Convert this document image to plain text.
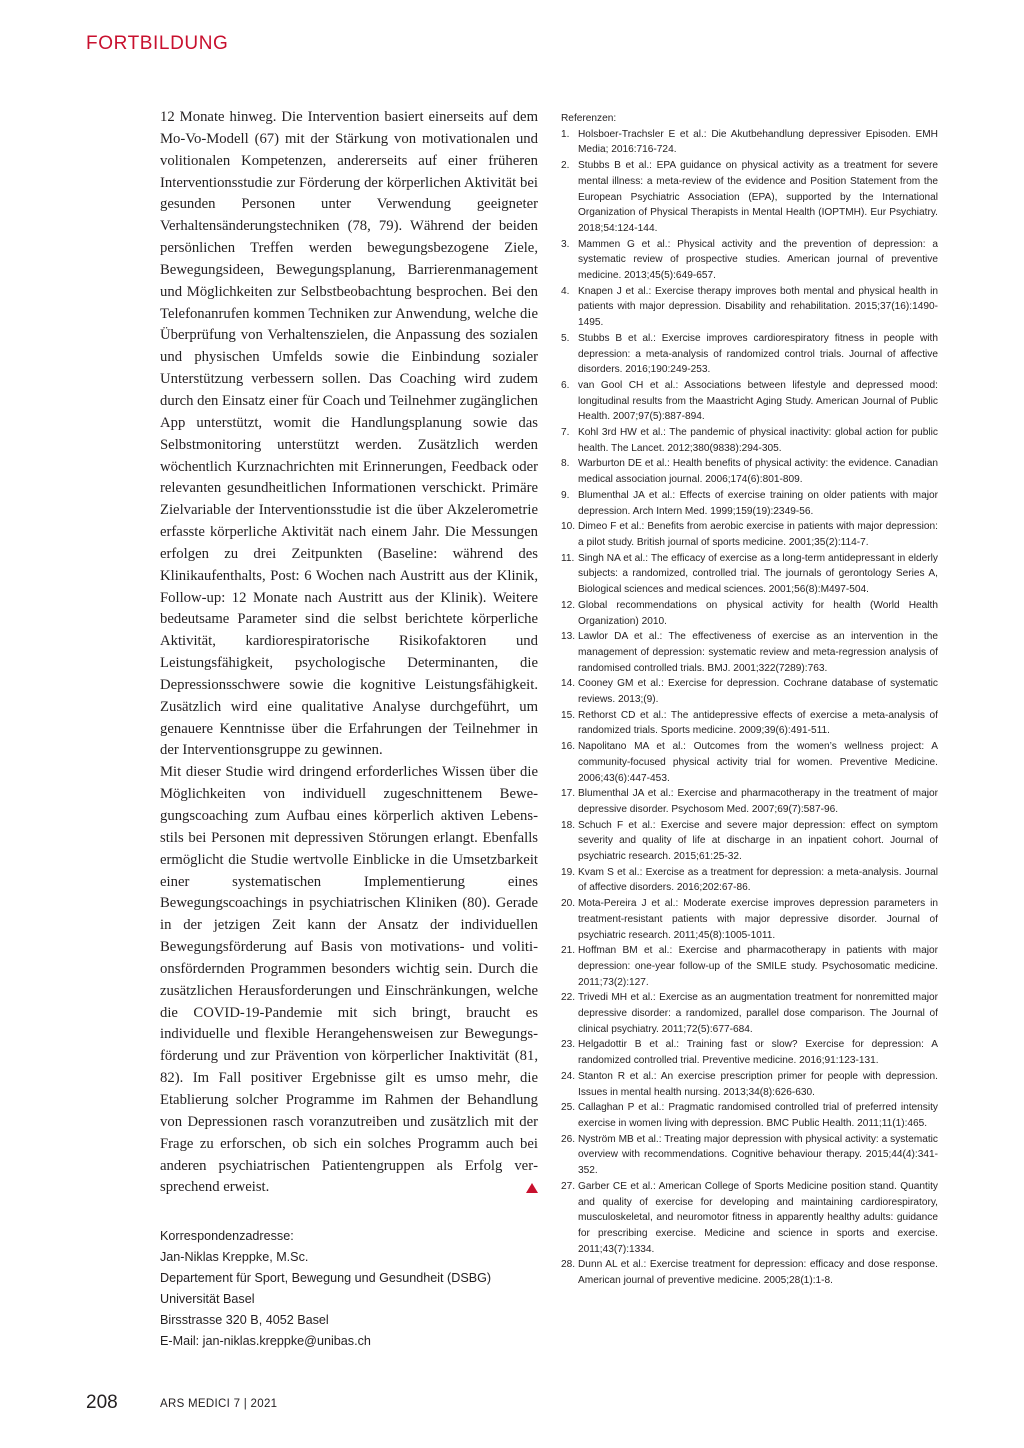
FORTBILDUNG

12 Monate hinweg. Die Intervention basiert einerseits auf dem Mo-Vo-Modell (67) mit der Stärkung von motivationalen und volitionalen Kompetenzen, andererseits auf einer früheren Interventionsstudie zur Förderung der körperlichen Aktivität bei gesunden Personen unter Verwendung geeigneter Verhaltensänderungstechniken (78, 79). Während der beiden persönlichen Treffen werden bewegungsbezogene Ziele, Bewegungsideen, Bewegungsplanung, Barrierenmanagement und Möglichkeiten zur Selbstbeobachtung besprochen. Bei den Telefonanrufen kommen Techniken zur Anwendung, welche die Überprüfung von Verhaltenszielen, die Anpassung des sozialen und physischen Umfelds sowie die Einbindung sozialer Unterstützung verbessern sollen. Das Coaching wird zudem durch den Einsatz einer für Coach und Teilnehmer zugänglichen App unterstützt, womit die Handlungsplanung sowie das Selbstmonitoring unterstützt werden. Zusätzlich werden wöchentlich Kurznachrichten mit Erinnerungen, Feedback oder relevanten gesundheitlichen Informationen verschickt. Primäre Zielvariable der Interventionsstudie ist die über Akzelerometrie erfasste körperliche Aktivität nach einem Jahr. Die Messungen erfolgen zu drei Zeitpunkten (Baseline: während des Klinikaufenthalts, Post: 6 Wochen nach Austritt aus der Klinik, Follow-up: 12 Monate nach Austritt aus der Klinik). Weitere bedeutsame Parameter sind die selbst berichtete körperliche Aktivität, kardiorespiratorische Risikofaktoren und Leistungsfähigkeit, psychologische Determinanten, die Depressionsschwere sowie die kognitive Leistungsfähigkeit. Zusätzlich wird eine qualitative Analyse durchgeführt, um genauere Kenntnisse über die Erfahrungen der Teilnehmer in der Interventionsgruppe zu gewinnen.

Mit dieser Studie wird dringend erforderliches Wissen über die Möglichkeiten von individuell zugeschnittenem Bewegungscoaching zum Aufbau eines körperlich aktiven Lebensstils bei Personen mit depressiven Störungen erlangt. Ebenfalls ermöglicht die Studie wertvolle Einblicke in die Umsetzbarkeit einer systematischen Implementierung eines Bewegungscoachings in psychiatrischen Kliniken (80). Gerade in der jetzigen Zeit kann der Ansatz der individuellen Bewegungsförderung auf Basis von motivations- und volitionsfördernden Programmen besonders wichtig sein. Durch die zusätzlichen Herausforderungen und Einschränkungen, welche die COVID-19-Pandemie mit sich bringt, braucht es individuelle und flexible Herangehensweisen zur Bewegungsförderung und zur Prävention von körperlicher Inaktivität (81, 82). Im Fall positiver Ergebnisse gilt es umso mehr, die Etablierung solcher Programme im Rahmen der Behandlung von Depressionen rasch voranzutreiben und zusätzlich mit der Frage zu erforschen, ob sich ein solches Programm auch bei anderen psychiatrischen Patientengruppen als Erfolg versprechend erweist.

Korrespondenzadresse:
Jan-Niklas Kreppke, M.Sc.
Departement für Sport, Bewegung und Gesundheit (DSBG)
Universität Basel
Birsstrasse 320 B, 4052 Basel
E-Mail: jan-niklas.kreppke@unibas.ch
Referenzen:
1. Holsboer-Trachsler E et al.: Die Akutbehandlung depressiver Episoden. EMH Media; 2016:716-724.
2. Stubbs B et al.: EPA guidance on physical activity as a treatment for severe mental illness: a meta-review of the evidence and Position Statement from the European Psychiatric Association (EPA), supported by the International Organization of Physical Therapists in Mental Health (IOPTMH). Eur Psychiatry. 2018;54:124-144.
3. Mammen G et al.: Physical activity and the prevention of depression: a systematic review of prospective studies. American journal of preventive medicine. 2013;45(5):649-657.
4. Knapen J et al.: Exercise therapy improves both mental and physical health in patients with major depression. Disability and rehabilitation. 2015;37(16):1490-1495.
5. Stubbs B et al.: Exercise improves cardiorespiratory fitness in people with depression: a meta-analysis of randomized control trials. Journal of affective disorders. 2016;190:249-253.
6. van Gool CH et al.: Associations between lifestyle and depressed mood: longitudinal results from the Maastricht Aging Study. American Journal of Public Health. 2007;97(5):887-894.
7. Kohl 3rd HW et al.: The pandemic of physical inactivity: global action for public health. The Lancet. 2012;380(9838):294-305.
8. Warburton DE et al.: Health benefits of physical activity: the evidence. Canadian medical association journal. 2006;174(6):801-809.
9. Blumenthal JA et al.: Effects of exercise training on older patients with major depression. Arch Intern Med. 1999;159(19):2349-56.
10. Dimeo F et al.: Benefits from aerobic exercise in patients with major depression: a pilot study. British journal of sports medicine. 2001;35(2):114-7.
11. Singh NA et al.: The efficacy of exercise as a long-term antidepressant in elderly subjects: a randomized, controlled trial. The journals of gerontology Series A, Biological sciences and medical sciences. 2001;56(8):M497-504.
12. Global recommendations on physical activity for health (World Health Organization) 2010.
13. Lawlor DA et al.: The effectiveness of exercise as an intervention in the management of depression: systematic review and meta-regression analysis of randomised controlled trials. BMJ. 2001;322(7289):763.
14. Cooney GM et al.: Exercise for depression. Cochrane database of systematic reviews. 2013;(9).
15. Rethorst CD et al.: The antidepressive effects of exercise a meta-analysis of randomized trials. Sports medicine. 2009;39(6):491-511.
16. Napolitano MA et al.: Outcomes from the women’s wellness project: A community-focused physical activity trial for women. Preventive Medicine. 2006;43(6):447-453.
17. Blumenthal JA et al.: Exercise and pharmacotherapy in the treatment of major depressive disorder. Psychosom Med. 2007;69(7):587-96.
18. Schuch F et al.: Exercise and severe major depression: effect on symptom severity and quality of life at discharge in an inpatient cohort. Journal of psychiatric research. 2015;61:25-32.
19. Kvam S et al.: Exercise as a treatment for depression: a meta-analysis. Journal of affective disorders. 2016;202:67-86.
20. Mota-Pereira J et al.: Moderate exercise improves depression parameters in treatment-resistant patients with major depressive disorder. Journal of psychiatric research. 2011;45(8):1005-1011.
21. Hoffman BM et al.: Exercise and pharmacotherapy in patients with major depression: one-year follow-up of the SMILE study. Psychosomatic medicine. 2011;73(2):127.
22. Trivedi MH et al.: Exercise as an augmentation treatment for nonremitted major depressive disorder: a randomized, parallel dose comparison. The Journal of clinical psychiatry. 2011;72(5):677-684.
23. Helgadottir B et al.: Training fast or slow? Exercise for depression: A randomized controlled trial. Preventive medicine. 2016;91:123-131.
24. Stanton R et al.: An exercise prescription primer for people with depression. Issues in mental health nursing. 2013;34(8):626-630.
25. Callaghan P et al.: Pragmatic randomised controlled trial of preferred intensity exercise in women living with depression. BMC Public Health. 2011;11(1):465.
26. Nyström MB et al.: Treating major depression with physical activity: a systematic overview with recommendations. Cognitive behaviour therapy. 2015;44(4):341-352.
27. Garber CE et al.: American College of Sports Medicine position stand. Quantity and quality of exercise for developing and maintaining cardiorespiratory, musculoskeletal, and neuromotor fitness in apparently healthy adults: guidance for prescribing exercise. Medicine and science in sports and exercise. 2011;43(7):1334.
28. Dunn AL et al.: Exercise treatment for depression: efficacy and dose response. American journal of preventive medicine. 2005;28(1):1-8.
208	ARS MEDICI 7 | 2021
